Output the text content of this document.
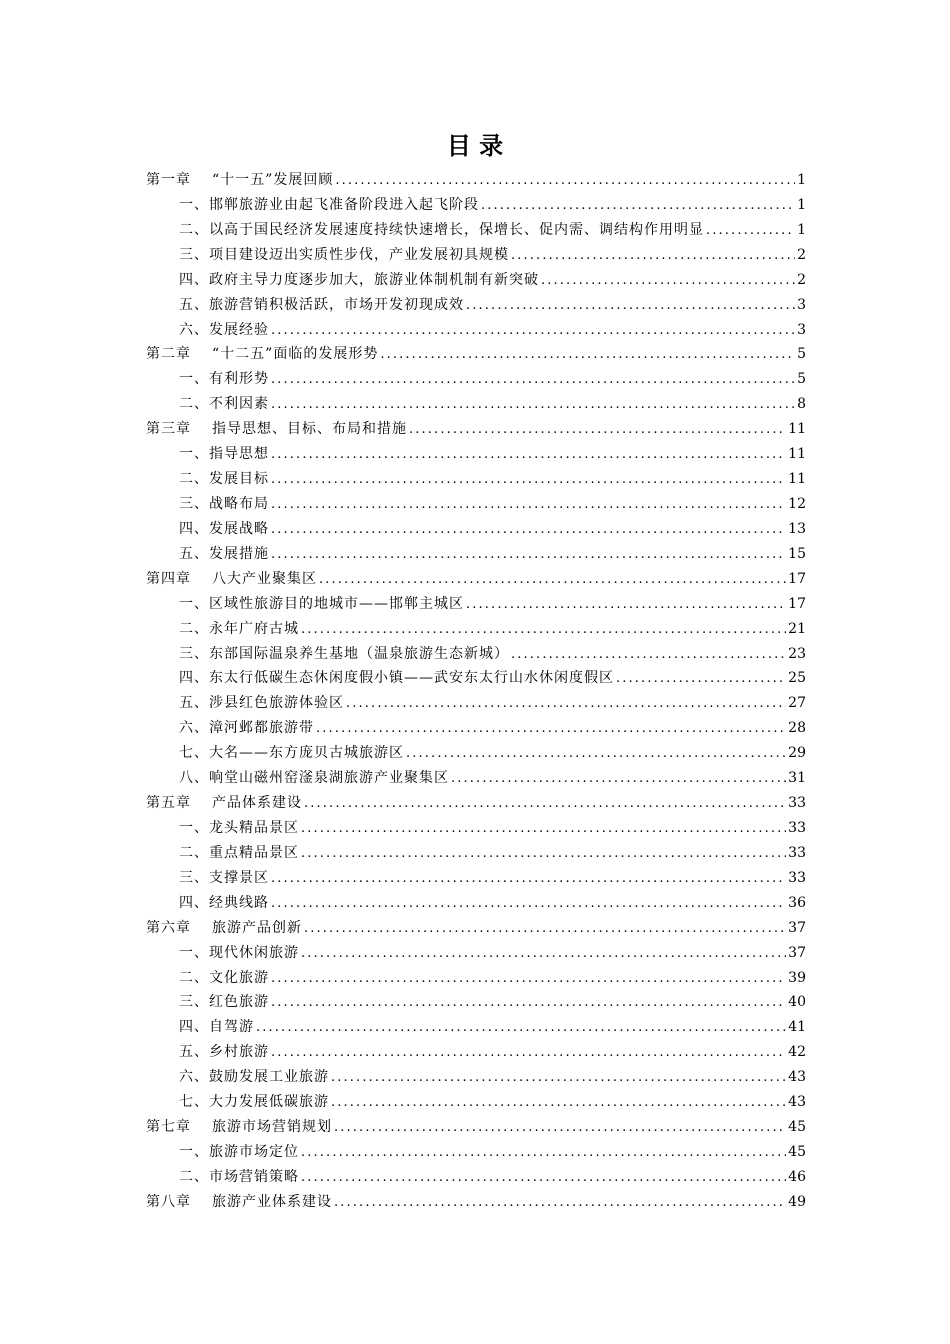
目 录
第一章 “十一五”发展回顾 . . .	1
一、邯郸旅游业由起飞准备阶段进入起飞阶段 . . .	1
二、以高于国民经济发展速度持续快速增长，保增长、促内需、调结构作用明显 . . .	1
三、项目建设迈出实质性步伐，产业发展初具规模 . . .	2
四、政府主导力度逐步加大，旅游业体制机制有新突破 . . .	2
五、旅游营销积极活跃，市场开发初现成效 . . .	3
六、发展经验 . . .	3
第二章 “十二五”面临的发展形势 . . .	5
一、有利形势 . . .	5
二、不利因素 . . .	8
第三章 指导思想、目标、布局和措施 . . .	11
一、指导思想 . . .	11
二、发展目标 . . .	11
三、战略布局 . . .	12
四、发展战略 . . .	13
五、发展措施 . . .	15
第四章 八大产业聚集区 . . .	17
一、区域性旅游目的地城市——邯郸主城区 . . .	17
二、永年广府古城 . . .	21
三、东部国际温泉养生基地（温泉旅游生态新城） . . .	23
四、东太行低碳生态休闲度假小镇——武安东太行山水休闲度假区 . . .	25
五、涉县红色旅游体验区 . . .	27
六、漳河邺都旅游带 . . .	28
七、大名——东方庞贝古城旅游区 . . .	29
八、响堂山磁州窑滏泉湖旅游产业聚集区 . . .	31
第五章 产品体系建设 . . .	33
一、龙头精品景区 . . .	33
二、重点精品景区 . . .	33
三、支撑景区 . . .	33
四、经典线路 . . .	36
第六章 旅游产品创新 . . .	37
一、现代休闲旅游 . . .	37
二、文化旅游 . . .	39
三、红色旅游 . . .	40
四、自驾游 . . .	41
五、乡村旅游 . . .	42
六、鼓励发展工业旅游 . . .	43
七、大力发展低碳旅游 . . .	43
第七章 旅游市场营销规划 . . .	45
一、旅游市场定位 . . .	45
二、市场营销策略 . . .	46
第八章 旅游产业体系建设 . . .	49
